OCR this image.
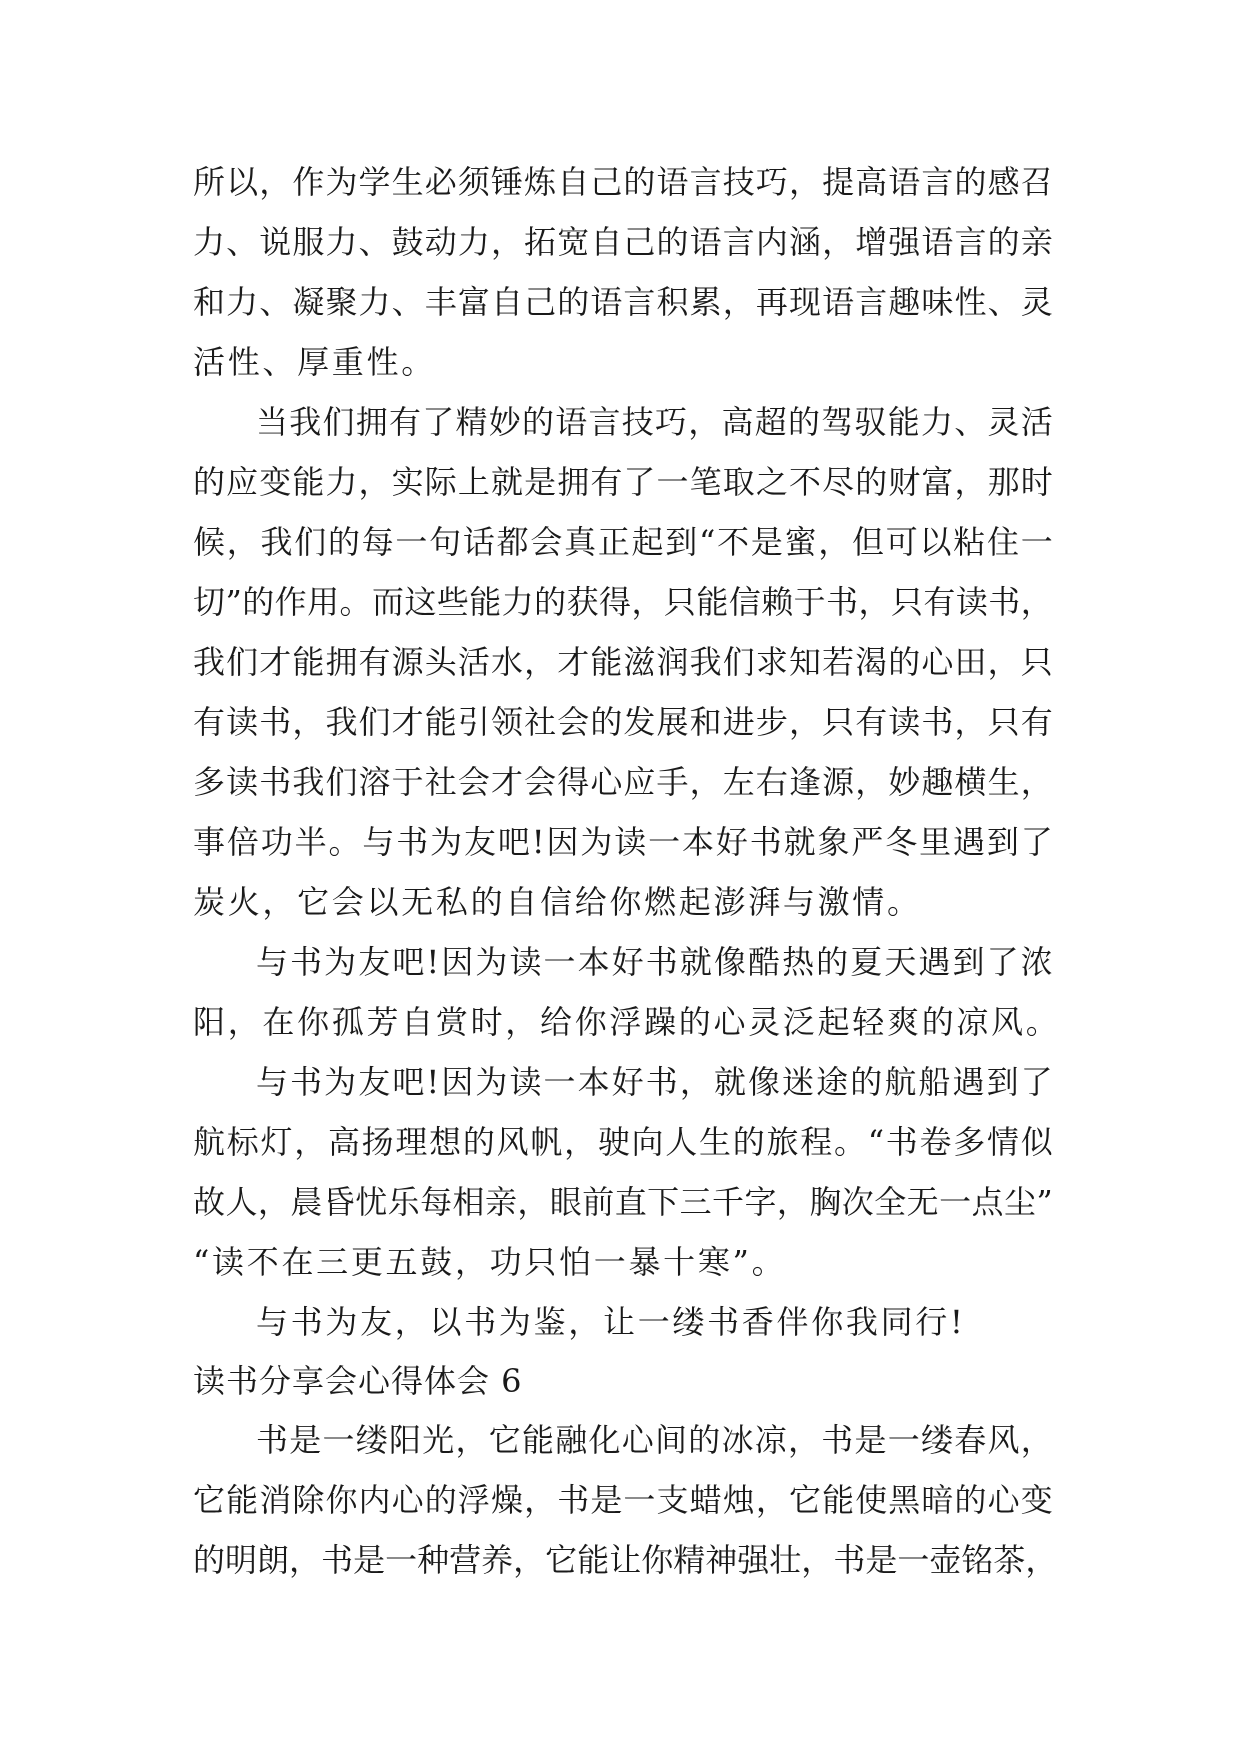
所 以 ， 作 为 学 生 必 须 锤 炼 自 己 的 语 言 技 巧 ， 提 高 语 言 的 感 召
力 、 说 服 力 、 鼓 动 力 ， 拓 宽 自 己 的 语 言 内 涵 ， 增 强 语 言 的 亲
和 力 、 凝 聚 力 、 丰 富 自 己 的 语 言 积 累 ， 再 现 语 言 趣 味 性 、 灵
活性、厚重性。
当 我 们 拥 有 了 精 妙 的 语 言 技 巧 ， 高 超 的 驾 驭 能 力 、 灵 活
的 应 变 能 力 ， 实 际 上 就 是 拥 有 了 一 笔 取 之 不 尽 的 财 富 ， 那 时
候 ， 我 们 的 每 一 句 话 都 会 真 正 起 到 “ 不 是 蜜 ， 但 可 以 粘 住 一
切 ” 的 作 用 。 而 这 些 能 力 的 获 得 ， 只 能 信 赖 于 书 ， 只 有 读 书 ，
我 们 才 能 拥 有 源 头 活 水 ， 才 能 滋 润 我 们 求 知 若 渴 的 心 田 ， 只
有 读 书 ， 我 们 才 能 引 领 社 会 的 发 展 和 进 步 ， 只 有 读 书 ， 只 有
多 读 书 我 们 溶 于 社 会 才 会 得 心 应 手 ， 左 右 逢 源 ， 妙 趣 横 生 ，
事 倍 功 半 。 与 书 为 友 吧 ! 因 为 读 一 本 好 书 就 象 严 冬 里 遇 到 了
炭火，它会以无私的自信给你燃起澎湃与激情。
与 书 为 友 吧 ! 因 为 读 一 本 好 书 就 像 酷 热 的 夏 天 遇 到 了 浓
阳，在你孤芳自赏时，给你浮躁的心灵泛起轻爽的凉风。
与 书 为 友 吧 ! 因 为 读 一 本 好 书 ， 就 像 迷 途 的 航 船 遇 到 了
航 标 灯 ， 高 扬 理 想 的 风 帆 ， 驶 向 人 生 的 旅 程 。 “ 书 卷 多 情 似
故 人 ， 晨 昏 忧 乐 每 相 亲 ， 眼 前 直 下 三 千 字 ， 胸 次 全 无 一 点 尘 ”
“读不在三更五鼓，功只怕一暴十寒”。
与书为友，以书为鉴，让一缕书香伴你我同行!
读书分享会心得体会 6
书 是 一 缕 阳 光 ， 它 能 融 化 心 间 的 冰 凉 ， 书 是 一 缕 春 风 ，
它 能 消 除 你 内 心 的 浮 燥 ， 书 是 一 支 蜡 烛 ， 它 能 使 黑 暗 的 心 变
的 明 朗 ， 书 是 一 种 营 养 ， 它 能 让 你 精 神 强 壮 ， 书 是 一 壶 铭 茶 ，
